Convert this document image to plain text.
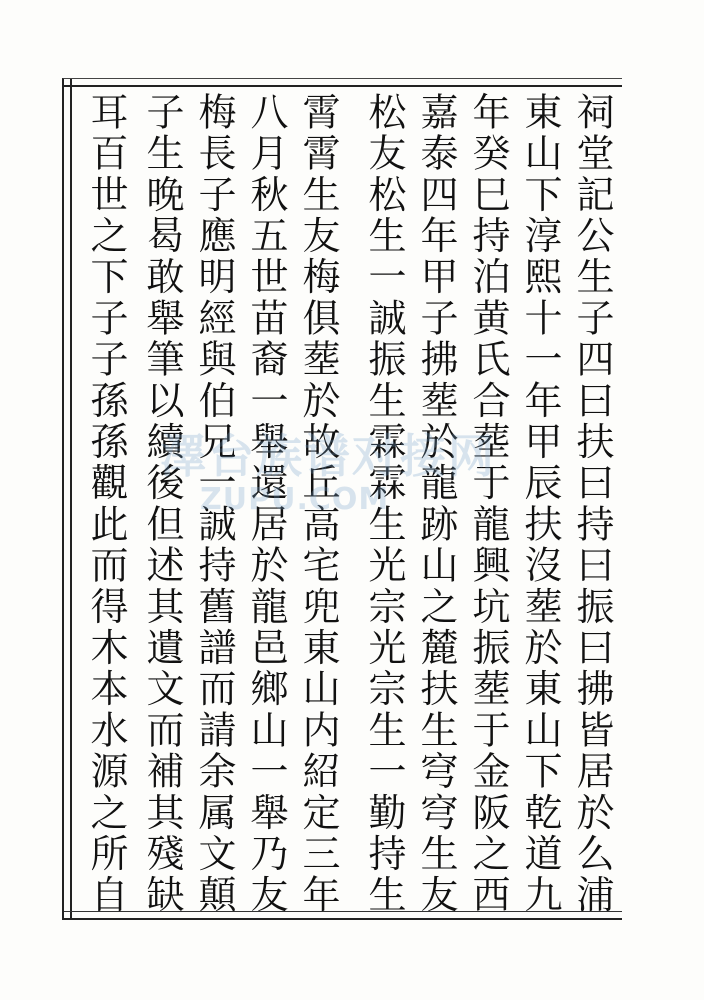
祠堂記公生子四曰扶曰持曰振曰拂皆居於么浦
東山下淳熙十一年甲辰扶沒塟於東山下乾道九
年癸巳持泊黄氏合塟于龍興坑振塟于金阪之西
嘉泰四年甲子拂塟於龍跡山之麓扶生穹穹生友
松友松生一誠振生霖霖生光宗光宗生一勤持生
霄霄生友梅俱塟於故丘高宅兜東山内紹定三年
八月秋五世苗裔一舉還居於龍邑鄉山一舉乃友
梅長子應明經與伯兄一誠持舊譜而請余属文顛
子生晚曷敢舉筆以續後但述其遺文而補其殘缺
耳百世之下子子孫孫觀此而得木本水源之所自 澤台族谱对接网
ZUPU.COM
